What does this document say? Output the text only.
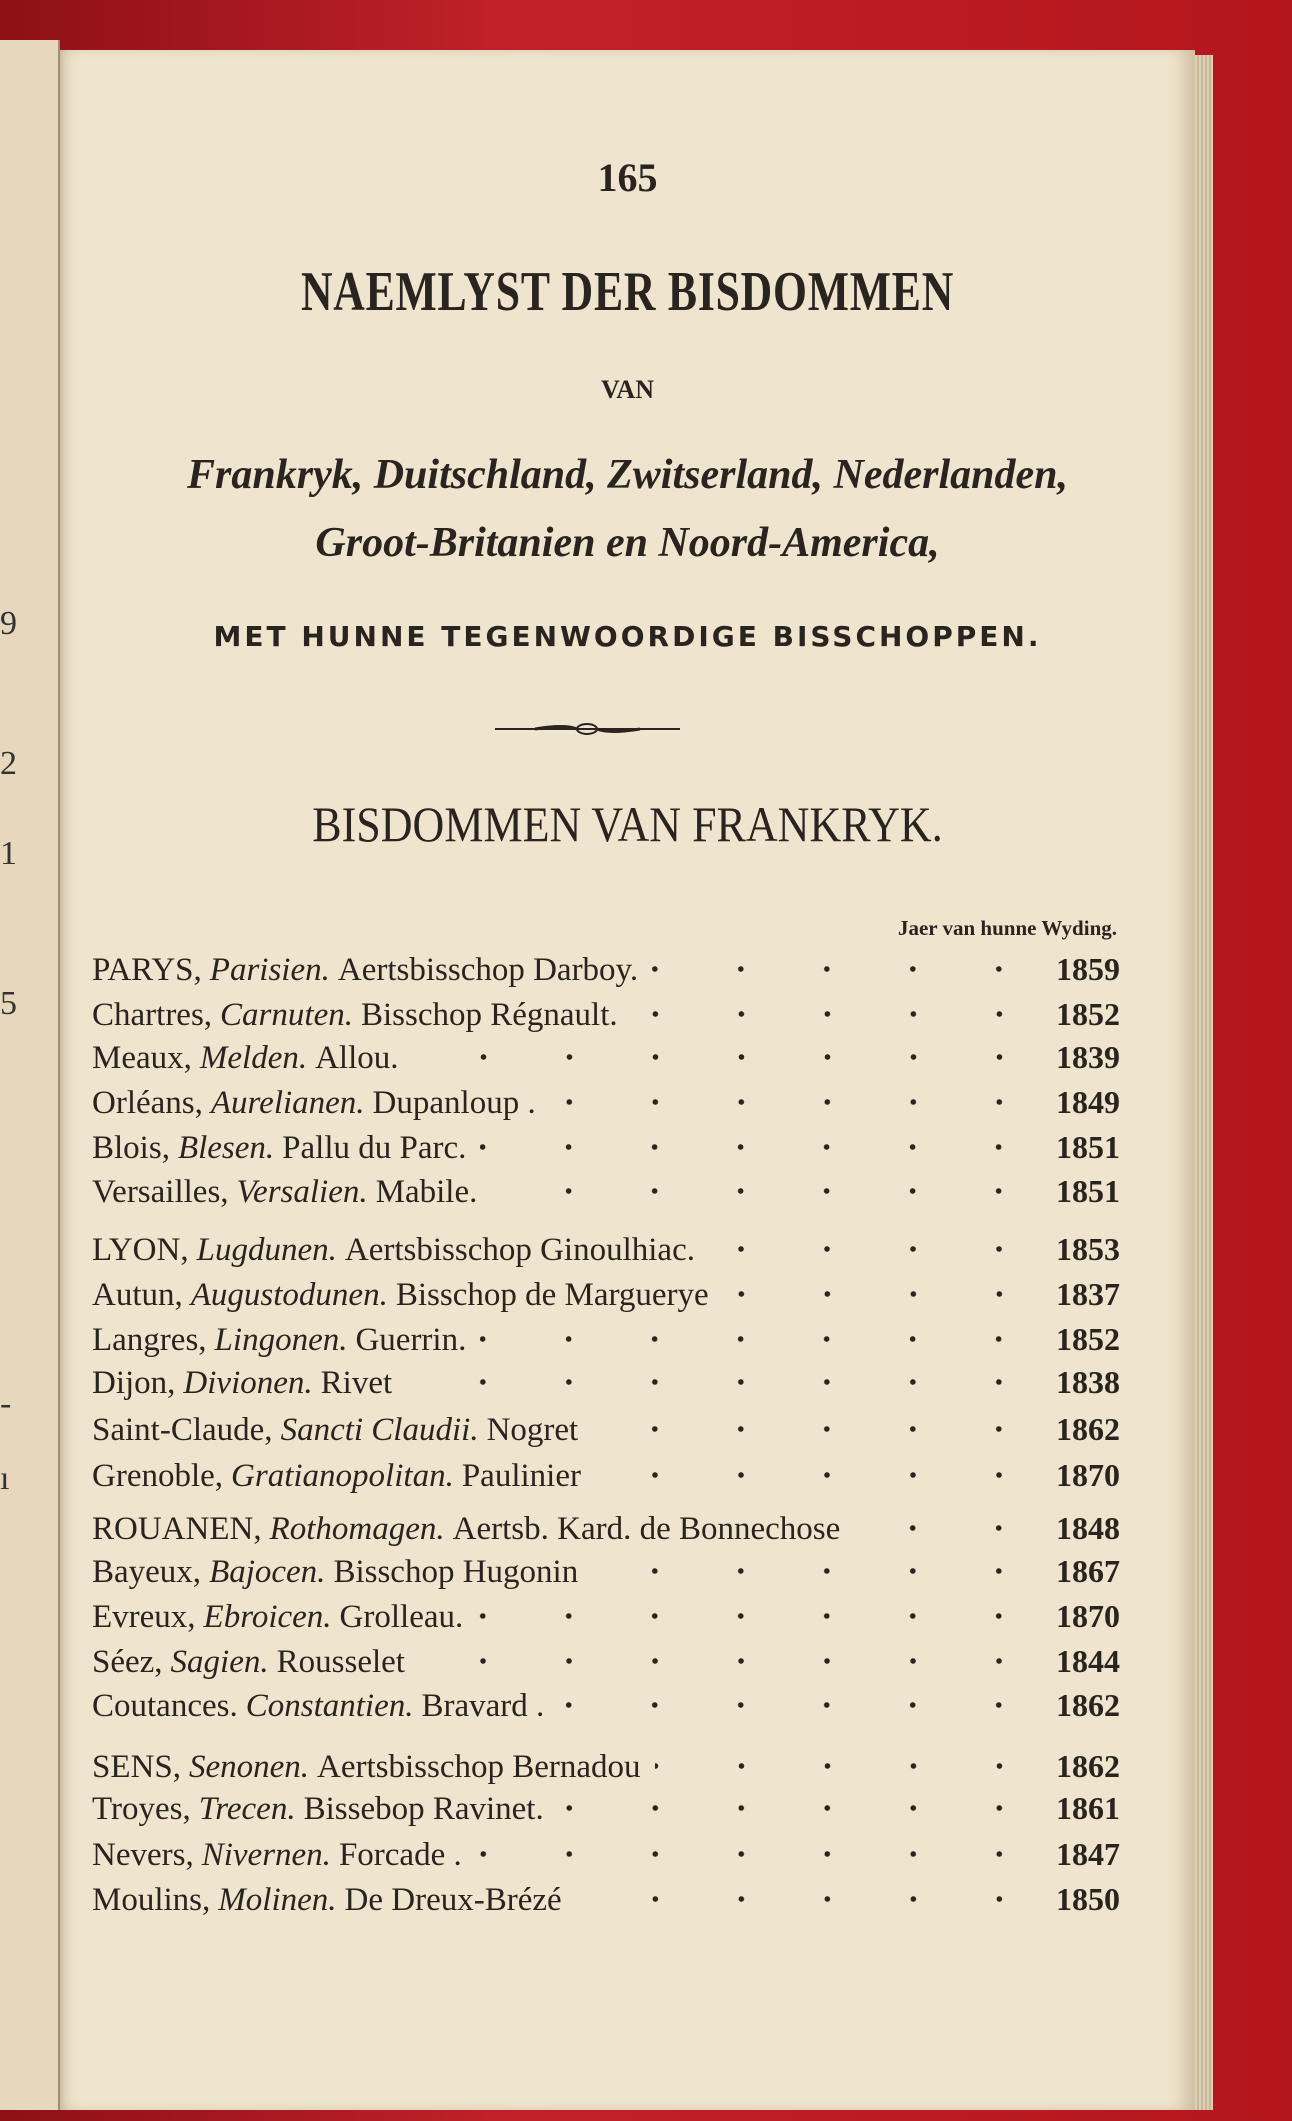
9
2
1
5
-
ı
165
NAEMLYST DER BISDOMMEN
VAN
Frankryk, Duitschland, Zwitserland, Nederlanden,
Groot-Britanien en Noord-America,
MET HUNNE TEGENWOORDIGE BISSCHOPPEN.
BISDOMMEN VAN FRANKRYK.
Jaer van hunne Wyding.
PARYS, Parisien. Aertsbisschop Darboy.	1859
Chartres, Carnuten. Bisschop Régnault.	1852
Meaux, Melden. Allou.	1839
Orléans, Aurelianen. Dupanloup .	1849
Blois, Blesen. Pallu du Parc.	1851
Versailles, Versalien. Mabile.	1851
LYON, Lugdunen. Aertsbisschop Ginoulhiac.	1853
Autun, Augustodunen. Bisschop de Marguerye	1837
Langres, Lingonen. Guerrin.	1852
Dijon, Divionen. Rivet	1838
Saint-Claude, Sancti Claudii. Nogret	1862
Grenoble, Gratianopolitan. Paulinier	1870
ROUANEN, Rothomagen. Aertsb. Kard. de Bonnechose	1848
Bayeux, Bajocen. Bisschop Hugonin	1867
Evreux, Ebroicen. Grolleau.	1870
Séez, Sagien. Rousselet	1844
Coutances. Constantien. Bravard .	1862
SENS, Senonen. Aertsbisschop Bernadou	1862
Troyes, Trecen. Bissebop Ravinet.	1861
Nevers, Nivernen. Forcade .	1847
Moulins, Molinen. De Dreux-Brézé	1850
